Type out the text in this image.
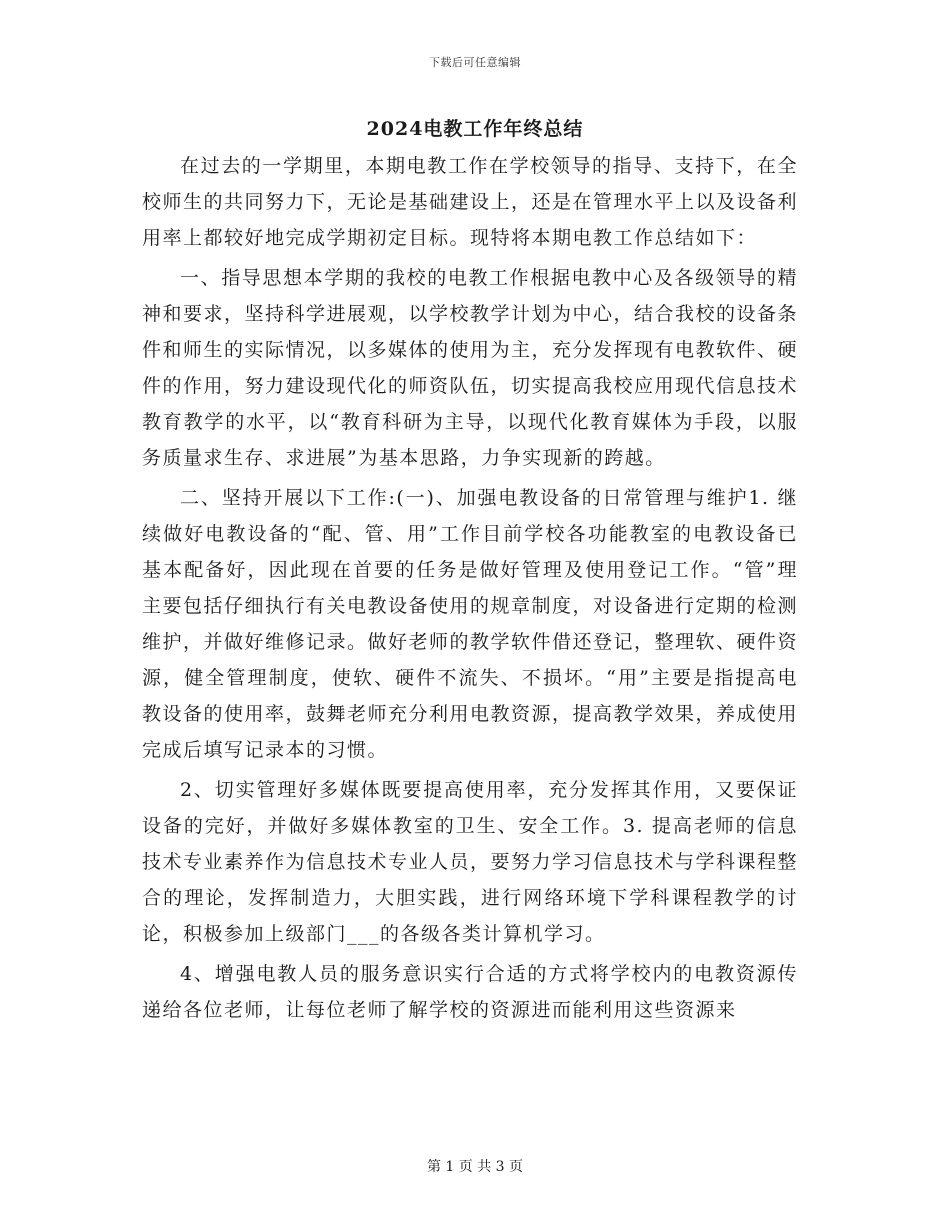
下载后可任意编辑
2024电教工作年终总结

在过去的一学期里，本期电教工作在学校领导的指导、支持下，在全校师生的共同努力下，无论是基础建设上，还是在管理水平上以及设备利用率上都较好地完成学期初定目标。现特将本期电教工作总结如下：

一、指导思想本学期的我校的电教工作根据电教中心及各级领导的精神和要求，坚持科学进展观，以学校教学计划为中心，结合我校的设备条件和师生的实际情况，以多媒体的使用为主，充分发挥现有电教软件、硬件的作用，努力建设现代化的师资队伍，切实提高我校应用现代信息技术教育教学的水平，以“教育科研为主导，以现代化教育媒体为手段，以服务质量求生存、求进展”为基本思路，力争实现新的跨越。

二、坚持开展以下工作:(一)、加强电教设备的日常管理与维护1. 继续做好电教设备的“配、管、用”工作目前学校各功能教室的电教设备已基本配备好，因此现在首要的任务是做好管理及使用登记工作。“管”理主要包括仔细执行有关电教设备使用的规章制度，对设备进行定期的检测维护，并做好维修记录。做好老师的教学软件借还登记，整理软、硬件资源，健全管理制度，使软、硬件不流失、不损坏。“用”主要是指提高电教设备的使用率，鼓舞老师充分利用电教资源，提高教学效果，养成使用完成后填写记录本的习惯。

2、切实管理好多媒体既要提高使用率，充分发挥其作用，又要保证设备的完好，并做好多媒体教室的卫生、安全工作。3. 提高老师的信息技术专业素养作为信息技术专业人员，要努力学习信息技术与学科课程整合的理论，发挥制造力，大胆实践，进行网络环境下学科课程教学的讨论，积极参加上级部门___的各级各类计算机学习。

4、增强电教人员的服务意识实行合适的方式将学校内的电教资源传递给各位老师，让每位老师了解学校的资源进而能利用这些资源来

第 1 页 共 3 页
